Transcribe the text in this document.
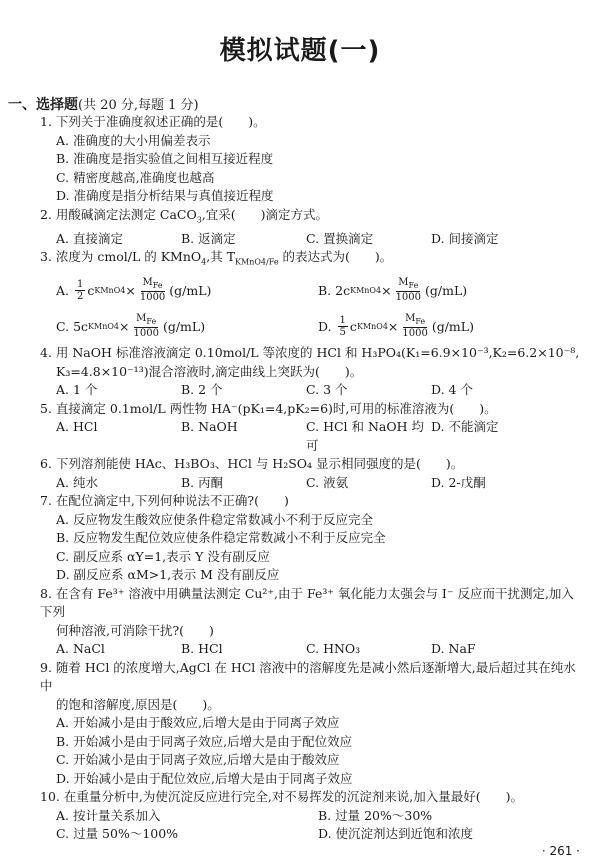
模拟试题(一)
一、选择题(共 20 分,每题 1 分)
1. 下列关于准确度叙述正确的是(　　)。
A. 准确度的大小用偏差表示
B. 准确度是指实验值之间相互接近程度
C. 精密度越高,准确度也越高
D. 准确度是指分析结果与真值接近程度
2. 用酸碱滴定法测定 CaCO$_3$,宜采(　　)滴定方式。
A. 直接滴定	B. 返滴定	C. 置换滴定	D. 间接滴定
3. 浓度为 cmol/L 的 KMnO$_4$,其 $T_{KMnO4/Fe}$ 的表达式为(　　)。
A.
$\frac{1}{2}$ c KMnO4 × $\frac{M_{Fe}}{1000} (g/mL)$	B. 2 c KMnO4 × $\frac{M_{Fe}}{1000} (g/mL)$
C. 5 c KMnO4 × $\frac{M_{Fe}}{1000} (g/mL)$	D.
$\frac{1}{5}$ c KMnO4 × $\frac{M_{Fe}}{1000} (g/mL)$
4. 用 NaOH 标准溶液滴定 0.10mol/L 等浓度的 HCl 和 H₃PO₄(K₁=6.9×10⁻³,K₂=6.2×10⁻⁸,
K₃=4.8×10⁻¹³)混合溶液时,滴定曲线上突跃为(　　)。
A. 1 个	B. 2 个	C. 3 个	D. 4 个
5. 直接滴定 0.1mol/L 两性物 HA⁻(pK₁=4,pK₂=6)时,可用的标准溶液为(　　)。
A. HCl	B. NaOH	C. HCl 和 NaOH 均可
D. 不能滴定
6. 下列溶剂能使 HAc、H₃BO₃、HCl 与 H₂SO₄ 显示相同强度的是(　　)。
A. 纯水	B. 丙酮	C. 液氨	D. 2-戊酮
7. 在配位滴定中,下列何种说法不正确?(　　)
A. 反应物发生酸效应使条件稳定常数减小不利于反应完全
B. 反应物发生配位效应使条件稳定常数减小不利于反应完全
C. 副反应系 αY=1,表示 Y 没有副反应
D. 副反应系 αM>1,表示 M 没有副反应
8. 在含有 Fe³⁺ 溶液中用碘量法测定 Cu²⁺,由于 Fe³⁺ 氧化能力太强会与 I⁻ 反应而干扰测定,加入下列
何种溶液,可消除干扰?(　　)
A. NaCl	B. HCl	C. HNO₃	D. NaF
9. 随着 HCl 的浓度增大,AgCl 在 HCl 溶液中的溶解度先是减小然后逐渐增大,最后超过其在纯水中
的饱和溶解度,原因是(　　)。
A. 开始减小是由于酸效应,后增大是由于同离子效应
B. 开始减小是由于同离子效应,后增大是由于配位效应
C. 开始减小是由于同离子效应,后增大是由于酸效应
D. 开始减小是由于配位效应,后增大是由于同离子效应
10. 在重量分析中,为使沉淀反应进行完全,对不易挥发的沉淀剂来说,加入量最好(　　)。
A. 按计量关系加入	B. 过量 20%～30%
C. 过量 50%～100%	D. 使沉淀剂达到近饱和浓度
· 261 ·
